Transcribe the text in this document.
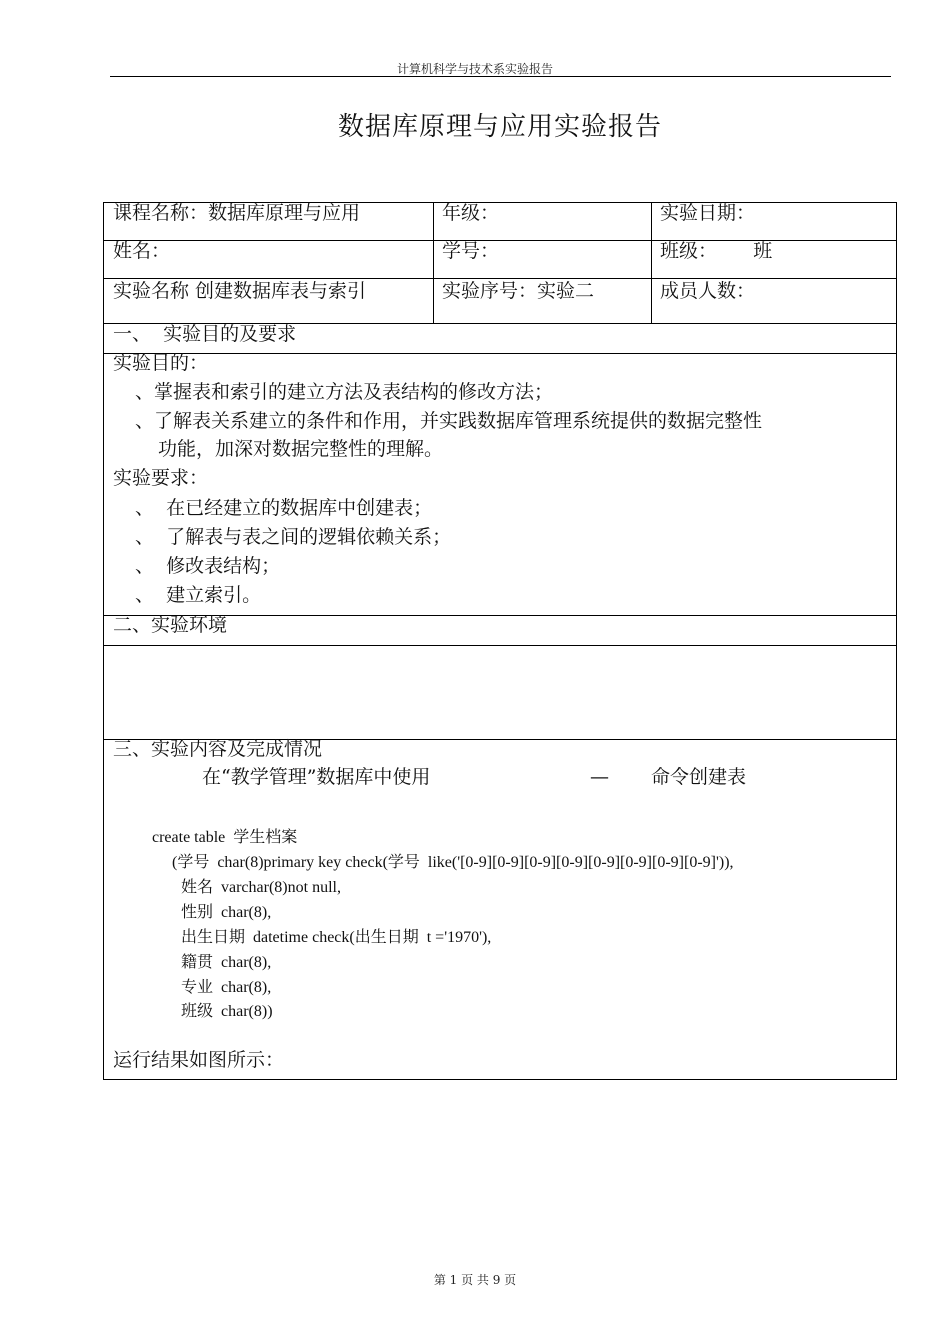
计算机科学与技术系实验报告
数据库原理与应用实验报告
课程名称：数据库原理与应用	年级：	实验日期：
姓名：	学号：	班级：      班
实验名称 创建数据库表与索引	实验序号：实验二	成员人数：
一、  实验目的及要求
实验目的：
、掌握表和索引的建立方法及表结构的修改方法；
、了解表关系建立的条件和作用，并实践数据库管理系统提供的数据完整性
功能，加深对数据完整性的理解。
实验要求：
、  在已经建立的数据库中创建表；
、  了解表与表之间的逻辑依赖关系；
、  修改表结构；
、  建立索引。
二、实验环境
三、实验内容及完成情况
在“教学管理”数据库中使用	— 命令创建表
create table  学生档案
(学号  char(8)primary key check(学号  like('[0-9][0-9][0-9][0-9][0-9][0-9][0-9][0-9]')),
姓名  varchar(8)not null,
性别  char(8),
出生日期  datetime check(出生日期  t ='1970'),
籍贯  char(8),
专业  char(8),
班级  char(8))
运行结果如图所示：
第 1 页 共 9 页
